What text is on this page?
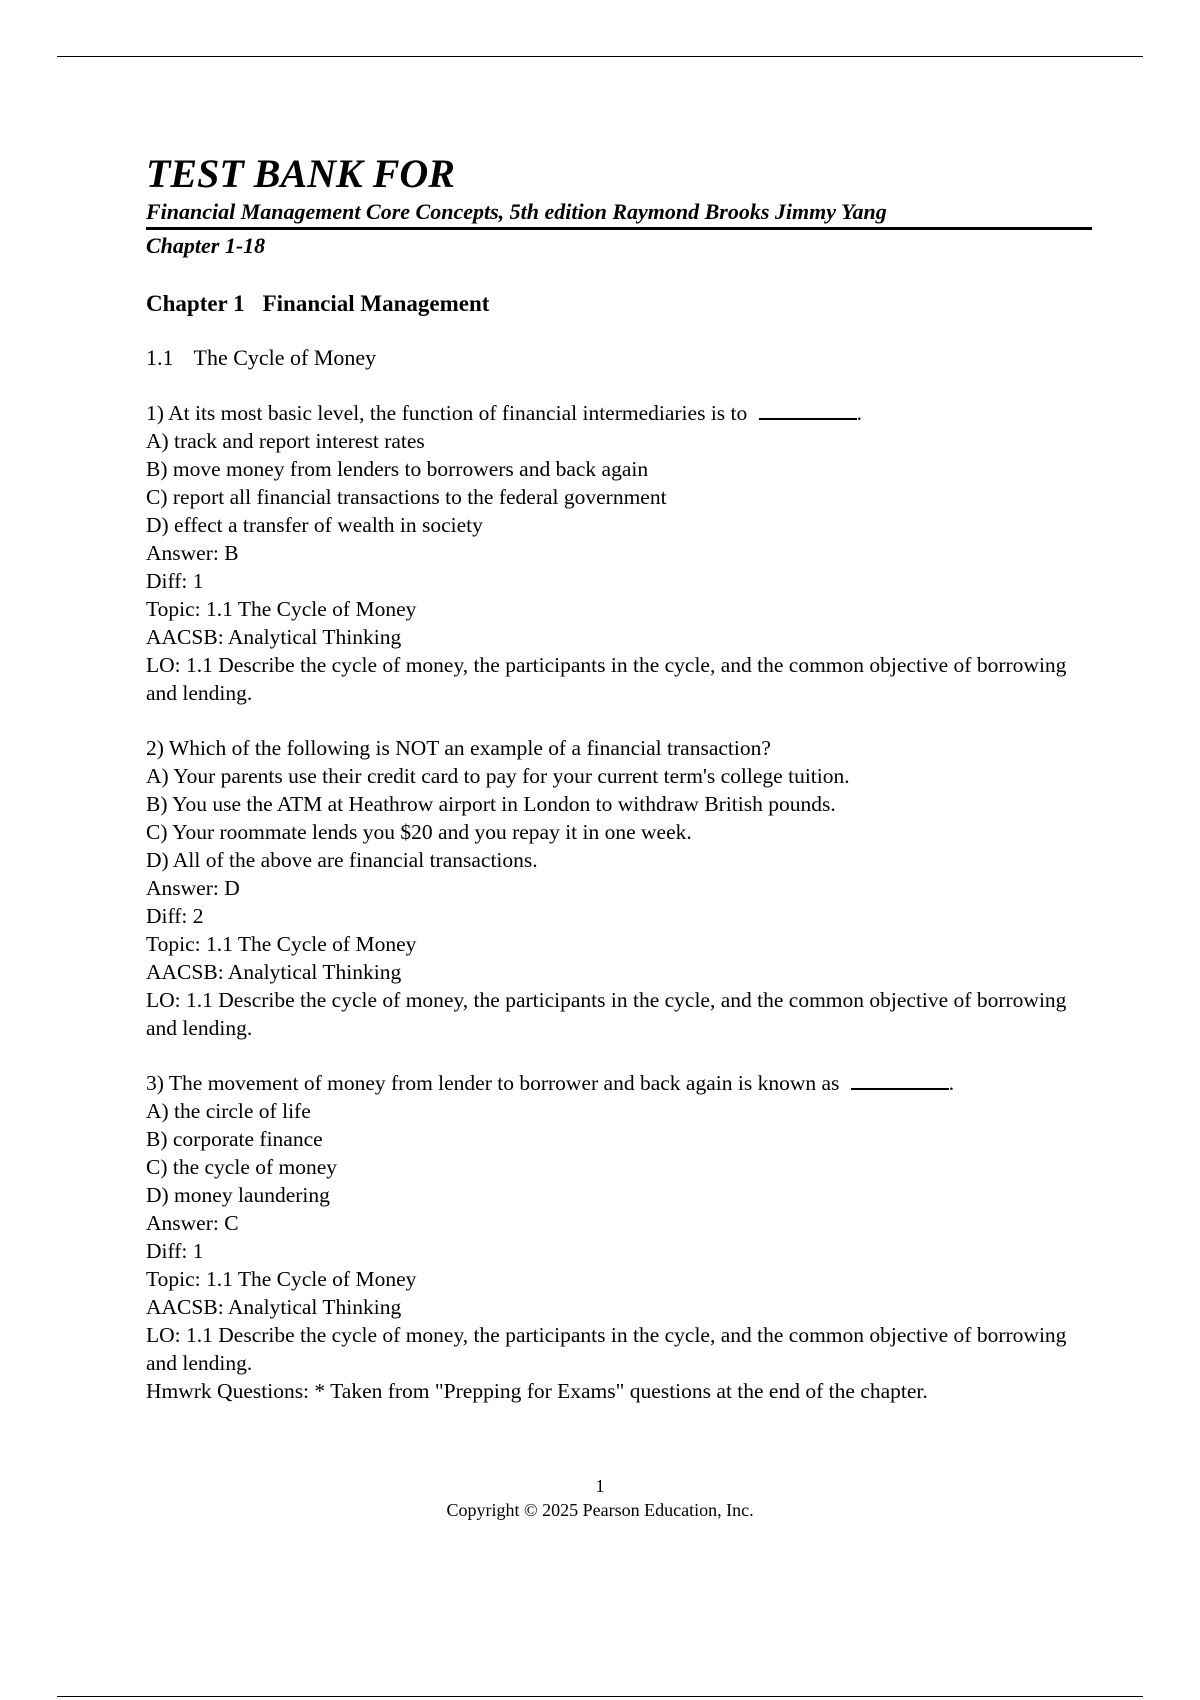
TEST BANK FOR

Financial Management Core Concepts, 5th edition Raymond Brooks Jimmy Yang

Chapter 1-18

Chapter 1 Financial Management
1.1 The Cycle of Money
1) At its most basic level, the function of financial intermediaries is to	.
A) track and report interest rates
B) move money from lenders to borrowers and back again
C) report all financial transactions to the federal government
D) effect a transfer of wealth in society
Answer: B
Diff: 1
Topic: 1.1 The Cycle of Money
AACSB: Analytical Thinking
LO: 1.1 Describe the cycle of money, the participants in the cycle, and the common objective of borrowing and lending.
2) Which of the following is NOT an example of a financial transaction?
A) Your parents use their credit card to pay for your current term's college tuition.
B) You use the ATM at Heathrow airport in London to withdraw British pounds.
C) Your roommate lends you $20 and you repay it in one week.
D) All of the above are financial transactions.
Answer: D
Diff: 2
Topic: 1.1 The Cycle of Money
AACSB: Analytical Thinking
LO: 1.1 Describe the cycle of money, the participants in the cycle, and the common objective of borrowing and lending.
3) The movement of money from lender to borrower and back again is known as	.
A) the circle of life
B) corporate finance
C) the cycle of money
D) money laundering
Answer: C
Diff: 1
Topic: 1.1 The Cycle of Money
AACSB: Analytical Thinking
LO: 1.1 Describe the cycle of money, the participants in the cycle, and the common objective of borrowing and lending.
Hmwrk Questions: * Taken from "Prepping for Exams" questions at the end of the chapter.
1
Copyright © 2025 Pearson Education, Inc.
